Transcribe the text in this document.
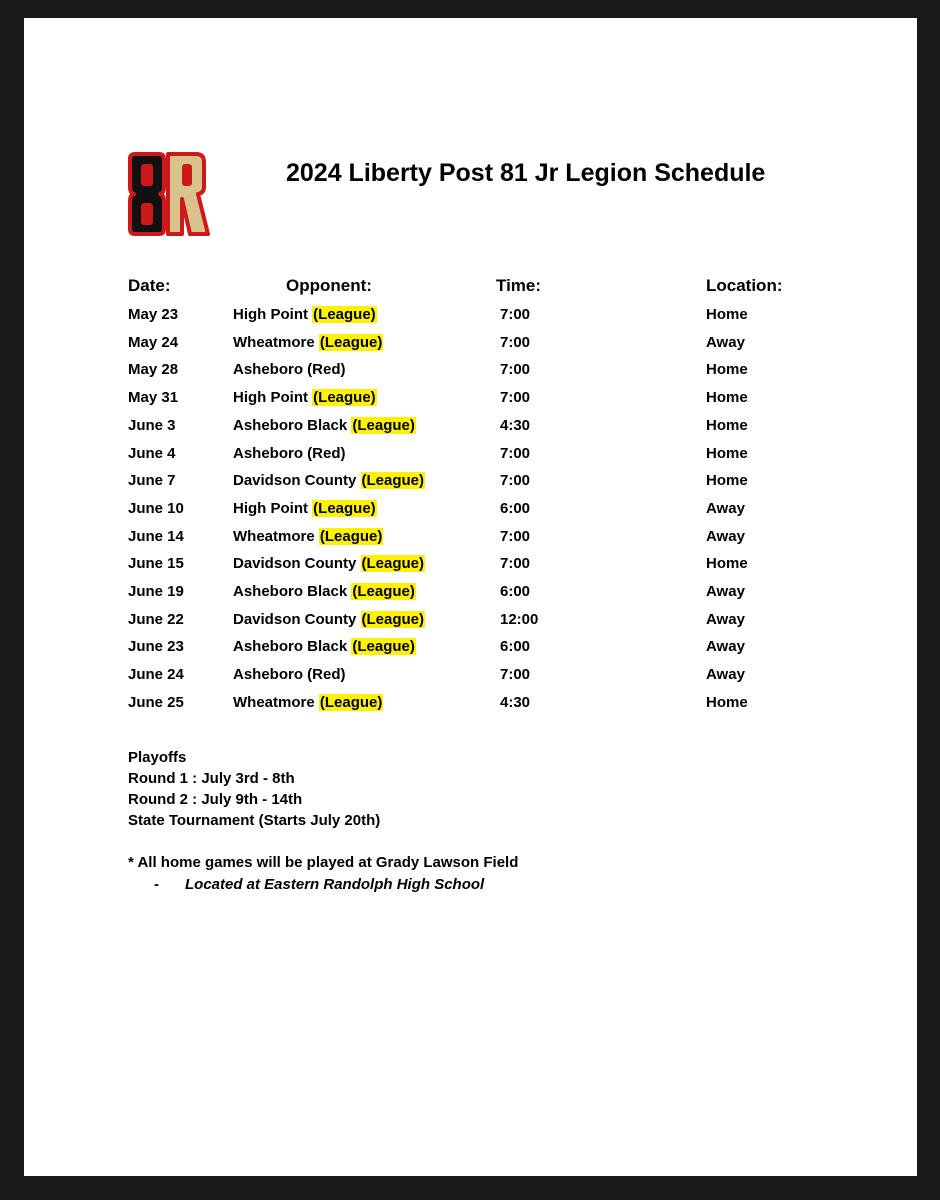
2024 Liberty Post 81 Jr Legion Schedule
Date:	Opponent:	Time:	Location:
May 23	High Point (League)	7:00	Home
May 24	Wheatmore (League)	7:00	Away
May 28	Asheboro (Red)	7:00	Home
May 31	High Point (League)	7:00	Home
June 3	Asheboro Black (League)	4:30	Home
June 4	Asheboro (Red)	7:00	Home
June 7	Davidson County (League)	7:00	Home
June 10	High Point (League)	6:00	Away
June 14	Wheatmore (League)	7:00	Away
June 15	Davidson County (League)	7:00	Home
June 19	Asheboro Black (League)	6:00	Away
June 22	Davidson County (League)	12:00	Away
June 23	Asheboro Black (League)	6:00	Away
June 24	Asheboro (Red)	7:00	Away
June 25	Wheatmore (League)	4:30	Home
Playoffs
Round 1 : July 3rd - 8th
Round 2 : July 9th - 14th
State Tournament (Starts July 20th)
* All home games will be played at Grady Lawson Field
- Located at Eastern Randolph High School
